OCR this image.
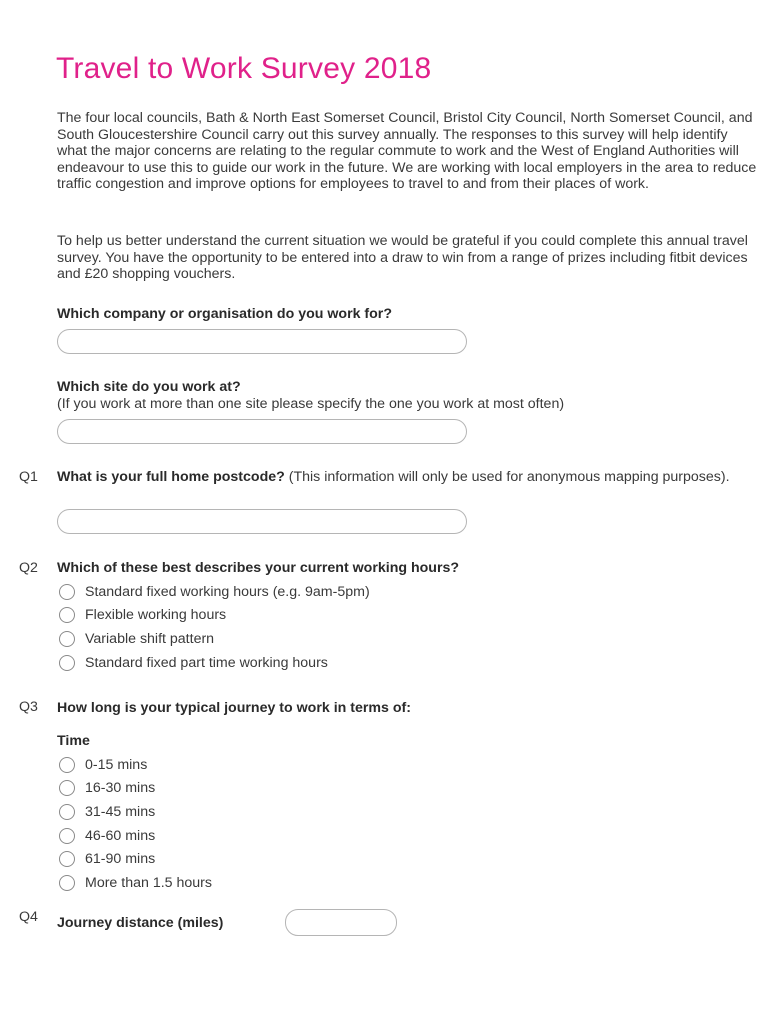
Travel to Work Survey 2018

The four local councils, Bath & North East Somerset Council, Bristol City Council, North Somerset Council, and South Gloucestershire Council carry out this survey annually. The responses to this survey will help identify what the major concerns are relating to the regular commute to work and the West of England Authorities will endeavour to use this to guide our work in the future. We are working with local employers in the area to reduce traffic congestion and improve options for employees to travel to and from their places of work.

To help us better understand the current situation we would be grateful if you could complete this annual travel survey. You have the opportunity to be entered into a draw to win from a range of prizes including fitbit devices and £20 shopping vouchers.

Which company or organisation do you work for?
Which site do you work at?
(If you work at more than one site please specify the one you work at most often)
Q1 What is your full home postcode? (This information will only be used for anonymous mapping purposes).
Q2 Which of these best describes your current working hours?
Standard fixed working hours (e.g. 9am-5pm)
Flexible working hours
Variable shift pattern
Standard fixed part time working hours
Q3 How long is your typical journey to work in terms of:
Time
0-15 mins
16-30 mins
31-45 mins
46-60 mins
61-90 mins
More than 1.5 hours
Q4 Journey distance (miles)
